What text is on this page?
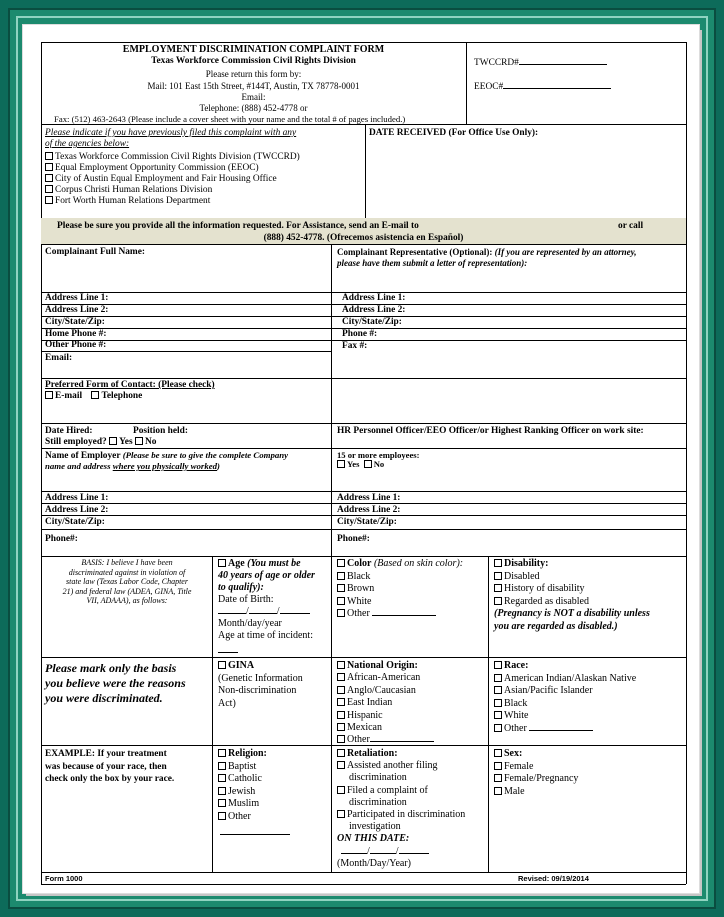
EMPLOYMENT DISCRIMINATION COMPLAINT FORM
Texas Workforce Commission Civil Rights Division
Please return this form by:
Mail: 101 East 15th Street, #144T, Austin, TX 78778-0001
Email:
Telephone: (888) 452-4778 or
Fax: (512) 463-2643 (Please include a cover sheet with your name and the total # of pages included.)
TWCCRD#
EEOC#
Please indicate if you have previously filed this complaint with any
of the agencies below:
Texas Workforce Commission Civil Rights Division (TWCCRD)
Equal Employment Opportunity Commission (EEOC)
City of Austin Equal Employment and Fair Housing Office
Corpus Christi Human Relations Division
Fort Worth Human Relations Department
DATE RECEIVED (For Office Use Only):
Please be sure you provide all the information requested. For Assistance, send an E-mail to	or call
(888) 452-4778. (Ofrecemos asistencia en Español)
Complainant Full Name:
Address Line 1:
Address Line 2:
City/State/Zip:
Home Phone #:
Other Phone #:
Email:
Preferred Form of Contact: (Please check)
E-mail Telephone
Complainant Representative (Optional): (If you are represented by an attorney,
please have them submit a letter of representation):
Address Line 1:
Address Line 2:
City/State/Zip:
Phone #:
Fax #:
Date Hired:	Position held:
Still employed? Yes No
HR Personnel Officer/EEO Officer/or Highest Ranking Officer on work site:
Name of Employer (Please be sure to give the complete Company
name and address where you physically worked)
15 or more employees:
Yes No
Address Line 1:
Address Line 2:
City/State/Zip:
Phone#:
Address Line 1:
Address Line 2:
City/State/Zip:
Phone#:
BASIS: I believe I have been
discriminated against in violation of
state law (Texas Labor Code, Chapter
21) and federal law (ADEA, GINA, Title
VII, ADAAA), as follows:
Please mark only the basis
you believe were the reasons
you were discriminated.
EXAMPLE: If your treatment
was because of your race, then
check only the box by your race.
Age (You must be
40 years of age or older
to qualify):
Date of Birth:
/	/
Month/day/year
Age at time of incident:
Color (Based on skin color):
Black
Brown
White
Other
Disability:
Disabled
History of disability
Regarded as disabled
(Pregnancy is NOT a disability unless
you are regarded as disabled.)
GINA
(Genetic Information
Non-discrimination
Act)
National Origin:
African-American
Anglo/Caucasian
East Indian
Hispanic
Mexican
Other
Race:
American Indian/Alaskan Native
Asian/Pacific Islander
Black
White
Other
Religion:
Baptist
Catholic
Jewish
Muslim
Other
Retaliation:
Assisted another filing
discrimination
Filed a complaint of
discrimination
Participated in discrimination
investigation
ON THIS DATE:
/	/
(Month/Day/Year)
Sex:
Female
Female/Pregnancy
Male
Form 1000	Revised: 09/19/2014
